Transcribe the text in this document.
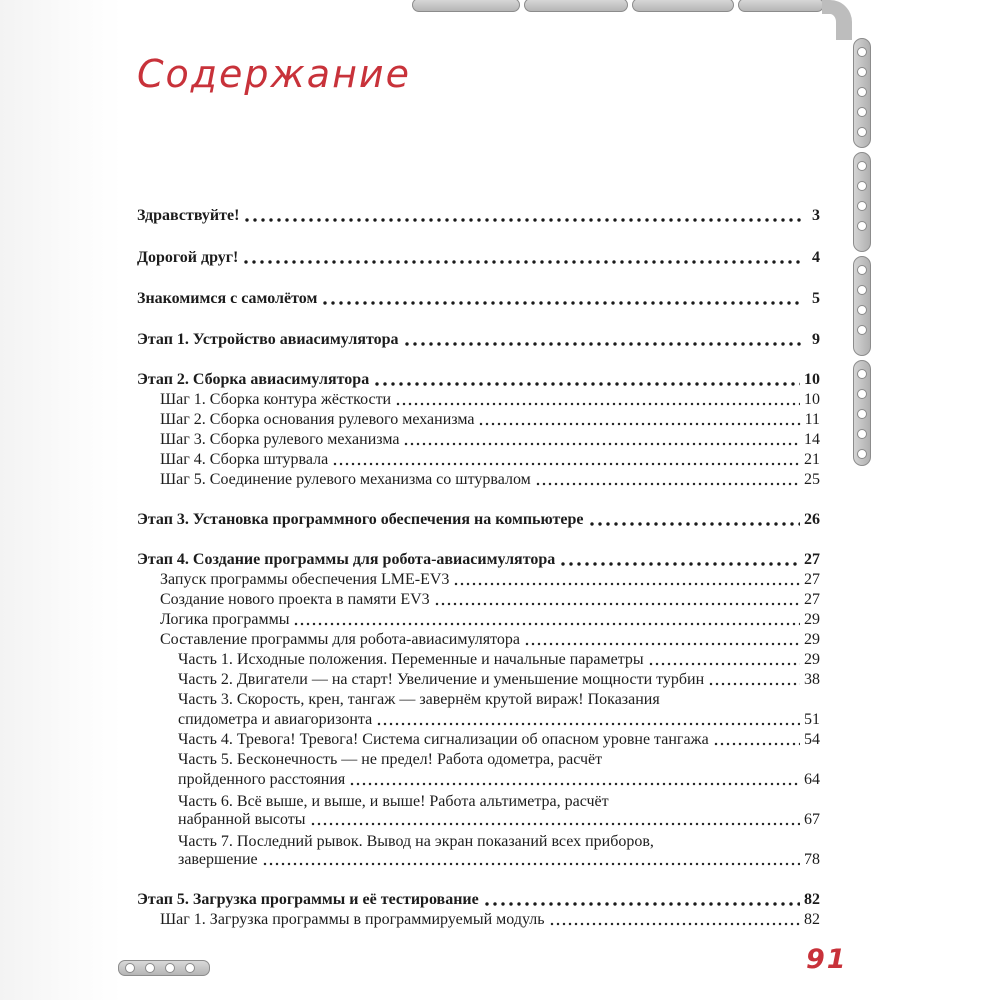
Содержание
Здравствуйте!	3
Дорогой друг!	4
Знакомимся с самолётом	5
Этап 1. Устройство авиасимулятора	9
Этап 2. Сборка авиасимулятора	10
Шаг 1. Сборка контура жёсткости	10
Шаг 2. Сборка основания рулевого механизма	11
Шаг 3. Сборка рулевого механизма	14
Шаг 4. Сборка штурвала	21
Шаг 5. Соединение рулевого механизма со штурвалом	25
Этап 3. Установка программного обеспечения на компьютере	26
Этап 4. Создание программы для робота-авиасимулятора	27
Запуск программы обеспечения LME-EV3	27
Создание нового проекта в памяти EV3	27
Логика программы	29
Составление программы для робота-авиасимулятора	29
Часть 1. Исходные положения. Переменные и начальные параметры	29
Часть 2. Двигатели — на старт! Увеличение и уменьшение мощности турбин	38
Часть 3. Скорость, крен, тангаж — завернём крутой вираж! Показания
спидометра и авиагоризонта	51
Часть 4. Тревога! Тревога! Система сигнализации об опасном уровне тангажа	54
Часть 5. Бесконечность — не предел! Работа одометра, расчёт
пройденного расстояния	64
Часть 6. Всё выше, и выше, и выше! Работа альтиметра, расчёт
набранной высоты	67
Часть 7. Последний рывок. Вывод на экран показаний всех приборов,
завершение	78
Этап 5. Загрузка программы и её тестирование	82
Шаг 1. Загрузка программы в программируемый модуль	82
91
